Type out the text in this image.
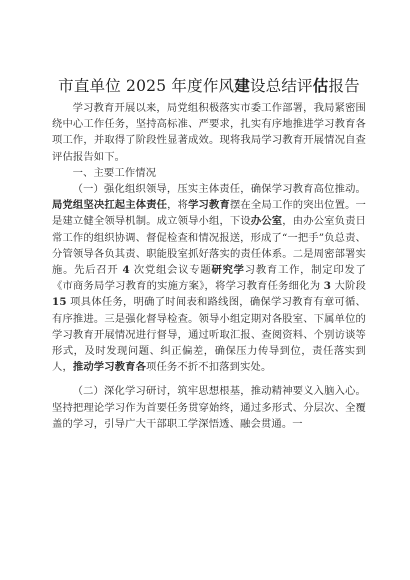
市直单位 2025 年度作风建设总结评估报告

学习教育开展以来，局党组积极落实市委工作部署，我局紧密围绕中心工作任务，坚持高标准、严要求，扎实有序地推进学习教育各项工作，并取得了阶段性显著成效。现将我局学习教育开展情况自查评估报告如下。

一、主要工作情况

（一）强化组织领导，压实主体责任，确保学习教育高位推动。局党组坚决扛起主体责任，将学习教育摆在全局工作的突出位置。一是建立健全领导机制。成立领导小组，下设办公室，由办公室负责日常工作的组织协调、督促检查和情况报送，形成了“一把手”负总责、分管领导各负其责、职能股室抓好落实的责任体系。二是周密部署实施。先后召开 4 次党组会议专题研究学习教育工作，制定印发了《市商务局学习教育的实施方案》，将学习教育任务细化为 3 大阶段 15 项具体任务，明确了时间表和路线图，确保学习教育有章可循、有序推进。三是强化督导检查。领导小组定期对各股室、下属单位的学习教育开展情况进行督导，通过听取汇报、查阅资料、个别访谈等形式，及时发现问题、纠正偏差，确保压力传导到位，责任落实到人，推动学习教育各项任务不折不扣落到实处。

（二）深化学习研讨，筑牢思想根基，推动精神要义入脑入心。坚持把理论学习作为首要任务贯穿始终，通过多形式、分层次、全覆盖的学习，引导广大干部职工学深悟透、融会贯通。一
